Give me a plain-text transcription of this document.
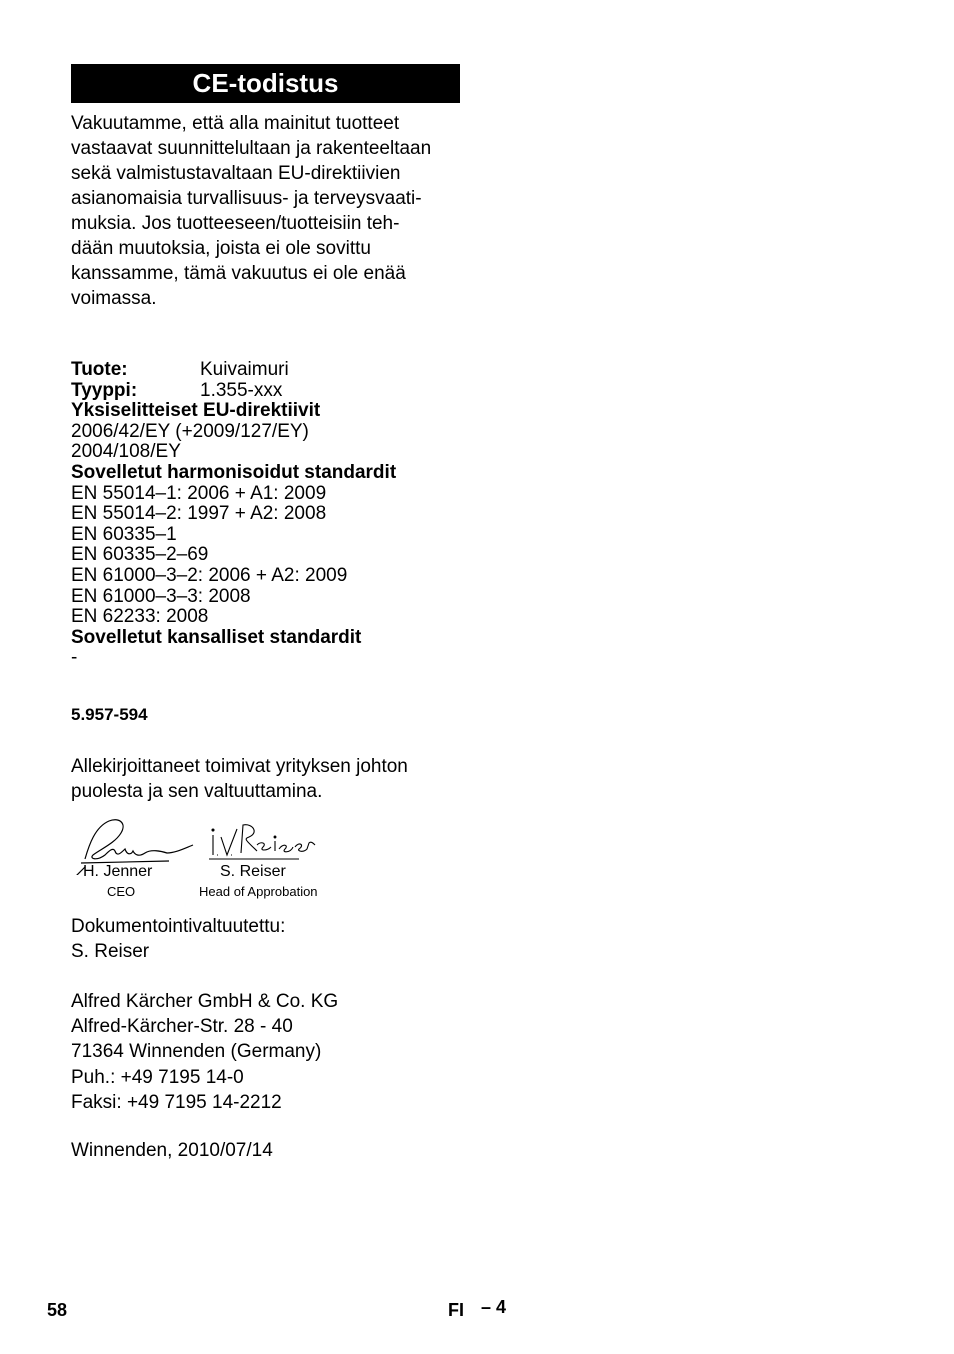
CE-todistus
Vakuutamme, että alla mainitut tuotteet
vastaavat suunnittelultaan ja rakenteeltaan
sekä valmistustavaltaan EU-direktiivien
asianomaisia turvallisuus- ja terveysvaati-
muksia. Jos tuotteeseen/tuotteisiin teh-
dään muutoksia, joista ei ole sovittu
kanssamme, tämä vakuutus ei ole enää
voimassa.
Tuote:	Kuivaimuri
Tyyppi:	1.355-xxx
Yksiselitteiset EU-direktiivit
2006/42/EY (+2009/127/EY)
2004/108/EY
Sovelletut harmonisoidut standardit
EN 55014–1: 2006 + A1: 2009
EN 55014–2: 1997 + A2: 2008
EN 60335–1
EN 60335–2–69
EN 61000–3–2: 2006 + A2: 2009
EN 61000–3–3: 2008
EN 62233: 2008
Sovelletut kansalliset standardit
-
5.957-594
Allekirjoittaneet toimivat yrityksen johton
puolesta ja sen valtuuttamina.
H. Jenner
CEO
S. Reiser
Head of Approbation
Dokumentointivaltuutettu:
S. Reiser
Alfred Kärcher GmbH & Co. KG
Alfred-Kärcher-Str. 28 - 40
71364 Winnenden (Germany)
Puh.: +49 7195 14-0
Faksi: +49 7195 14-2212
Winnenden, 2010/07/14
58	FI – 4
